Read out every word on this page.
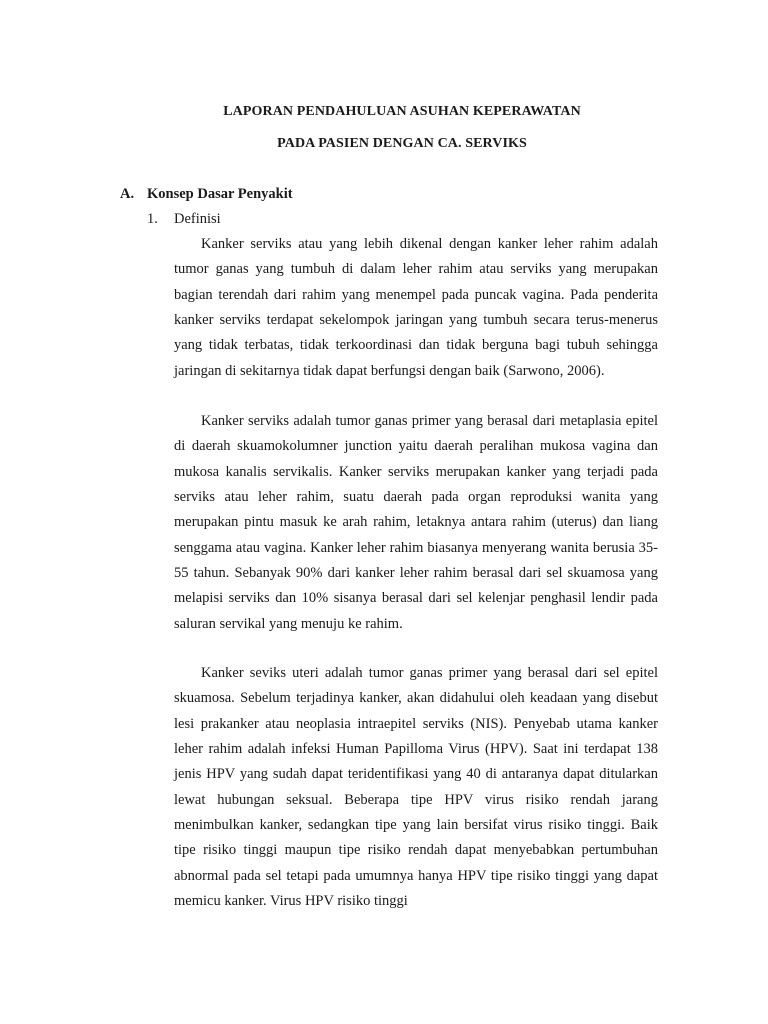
LAPORAN PENDAHULUAN ASUHAN KEPERAWATAN
PADA PASIEN DENGAN CA. SERVIKS
A. Konsep Dasar Penyakit
1. Definisi

Kanker serviks atau yang lebih dikenal dengan kanker leher rahim adalah tumor ganas yang tumbuh di dalam leher rahim atau serviks yang merupakan bagian terendah dari rahim yang menempel pada puncak vagina. Pada penderita kanker serviks terdapat sekelompok jaringan yang tumbuh secara terus-menerus yang tidak terbatas, tidak terkoordinasi dan tidak berguna bagi tubuh sehingga jaringan di sekitarnya tidak dapat berfungsi dengan baik (Sarwono, 2006).

Kanker serviks adalah tumor ganas primer yang berasal dari metaplasia epitel di daerah skuamokolumner junction yaitu daerah peralihan mukosa vagina dan mukosa kanalis servikalis. Kanker serviks merupakan kanker yang terjadi pada serviks atau leher rahim, suatu daerah pada organ reproduksi wanita yang merupakan pintu masuk ke arah rahim, letaknya antara rahim (uterus) dan liang senggama atau vagina. Kanker leher rahim biasanya menyerang wanita berusia 35-55 tahun. Sebanyak 90% dari kanker leher rahim berasal dari sel skuamosa yang melapisi serviks dan 10% sisanya berasal dari sel kelenjar penghasil lendir pada saluran servikal yang menuju ke rahim.

Kanker seviks uteri adalah tumor ganas primer yang berasal dari sel epitel skuamosa. Sebelum terjadinya kanker, akan didahului oleh keadaan yang disebut lesi prakanker atau neoplasia intraepitel serviks (NIS). Penyebab utama kanker leher rahim adalah infeksi Human Papilloma Virus (HPV). Saat ini terdapat 138 jenis HPV yang sudah dapat teridentifikasi yang 40 di antaranya dapat ditularkan lewat hubungan seksual. Beberapa tipe HPV virus risiko rendah jarang menimbulkan kanker, sedangkan tipe yang lain bersifat virus risiko tinggi. Baik tipe risiko tinggi maupun tipe risiko rendah dapat menyebabkan pertumbuhan abnormal pada sel tetapi pada umumnya hanya HPV tipe risiko tinggi yang dapat memicu kanker. Virus HPV risiko tinggi
